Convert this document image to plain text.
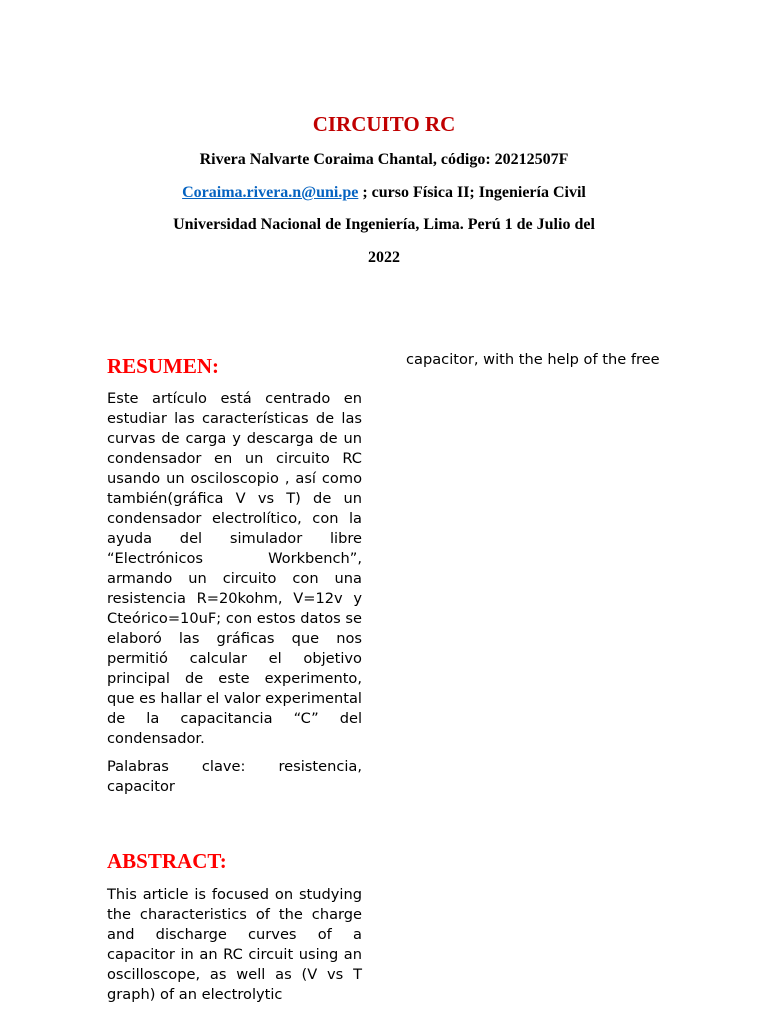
CIRCUITO RC
Rivera Nalvarte Coraima Chantal, código: 20212507F
Coraima.rivera.n@uni.pe ; curso Física II; Ingeniería Civil
Universidad Nacional de Ingeniería, Lima. Perú 1 de Julio del
2022
RESUMEN:

Este artículo está centrado en estudiar las características de las curvas de carga y descarga de un condensador en un circuito RC usando un osciloscopio , así como también(gráfica V vs T) de un condensador electrolítico, con la ayuda del simulador libre “Electrónicos Workbench”, armando un circuito con una resistencia R=20kohm, V=12v y Cteórico=10uF; con estos datos se elaboró las gráficas que nos permitió calcular el objetivo principal de este experimento, que es hallar el valor experimental de la capacitancia “C” del condensador.

Palabras clave: resistencia, capacitor

ABSTRACT:

This article is focused on studying the characteristics of the charge and discharge curves of a capacitor in an RC circuit using an oscilloscope, as well as (V vs T graph) of an electrolytic

capacitor, with the help of the free
